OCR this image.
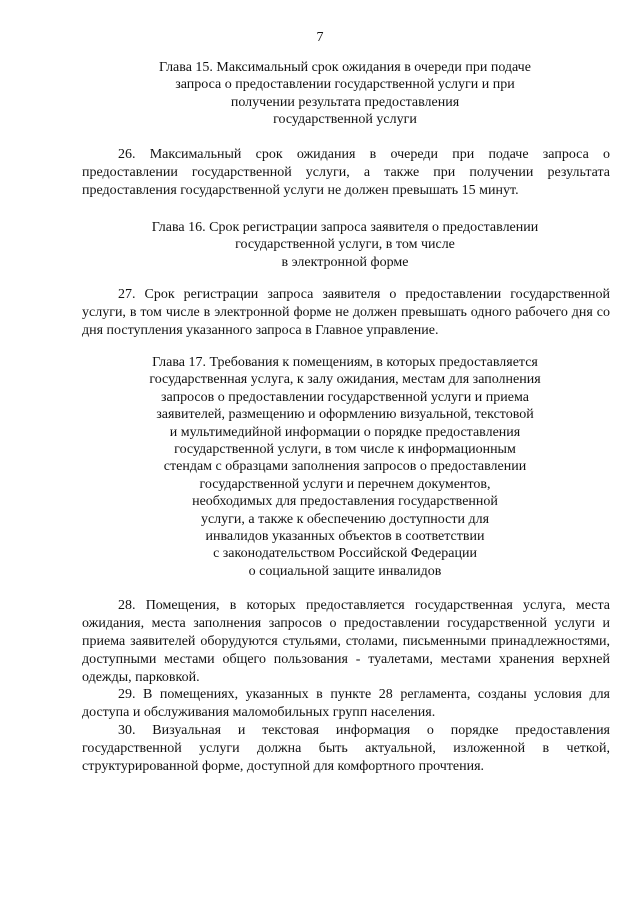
7
Глава 15. Максимальный срок ожидания в очереди при подаче
запроса о предоставлении государственной услуги и при
получении результата предоставления
государственной услуги

26. Максимальный срок ожидания в очереди при подаче запроса о предоставлении государственной услуги, а также при получении результата предоставления государственной услуги не должен превышать 15 минут.

Глава 16. Срок регистрации запроса заявителя о предоставлении
государственной услуги, в том числе
в электронной форме

27. Срок регистрации запроса заявителя о предоставлении государственной услуги, в том числе в электронной форме не должен превышать одного рабочего дня со дня поступления указанного запроса в Главное управление.

Глава 17. Требования к помещениям, в которых предоставляется
государственная услуга, к залу ожидания, местам для заполнения
запросов о предоставлении государственной услуги и приема
заявителей, размещению и оформлению визуальной, текстовой
и мультимедийной информации о порядке предоставления
государственной услуги, в том числе к информационным
стендам с образцами заполнения запросов о предоставлении
государственной услуги и перечнем документов,
необходимых для предоставления государственной
услуги, а также к обеспечению доступности для
инвалидов указанных объектов в соответствии
с законодательством Российской Федерации
о социальной защите инвалидов

28. Помещения, в которых предоставляется государственная услуга, места ожидания, места заполнения запросов о предоставлении государственной услуги и приема заявителей оборудуются стульями, столами, письменными принадлежностями, доступными местами общего пользования - туалетами, местами хранения верхней одежды, парковкой.

29. В помещениях, указанных в пункте 28 регламента, созданы условия для доступа и обслуживания маломобильных групп населения.

30. Визуальная и текстовая информация о порядке предоставления государственной услуги должна быть актуальной, изложенной в четкой, структурированной форме, доступной для комфортного прочтения.
